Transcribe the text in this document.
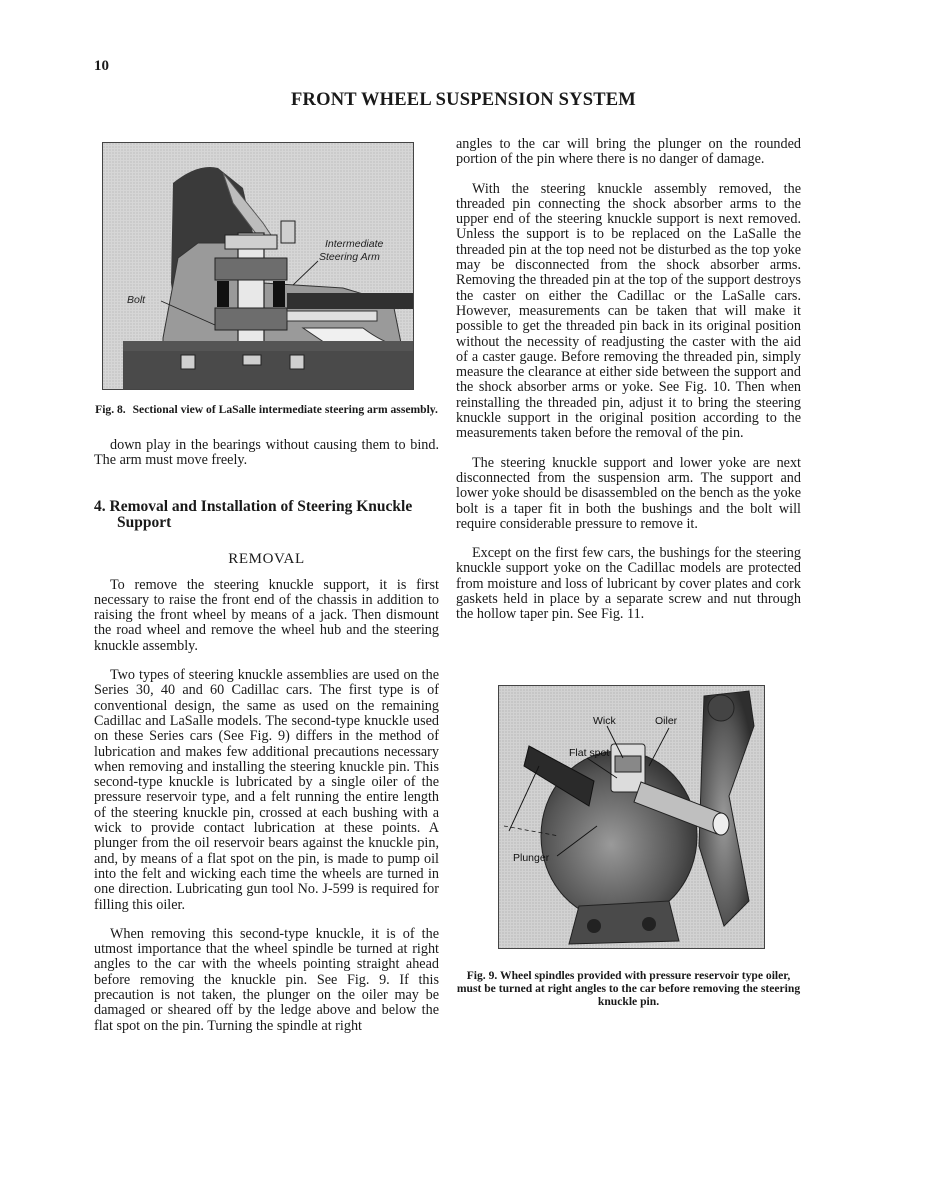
10
FRONT WHEEL SUSPENSION SYSTEM
Intermediate
Steering Arm
Bolt

Fig. 8. Sectional view of LaSalle intermediate steering arm assembly.

down play in the bearings without causing them to bind. The arm must move freely.

4. Removal and Installation of Steering Knuckle Support
REMOVAL

To remove the steering knuckle support, it is first necessary to raise the front end of the chassis in addition to raising the front wheel by means of a jack. Then dismount the road wheel and remove the wheel hub and the steering knuckle assembly.

Two types of steering knuckle assemblies are used on the Series 30, 40 and 60 Cadillac cars. The first type is of conventional design, the same as used on the remaining Cadillac and LaSalle models. The second-type knuckle used on these Series cars (See Fig. 9) differs in the method of lubrication and makes few additional precautions necessary when removing and installing the steering knuckle pin. This second-type knuckle is lubricated by a single oiler of the pressure reservoir type, and a felt running the entire length of the steering knuckle pin, crossed at each bushing with a wick to provide contact lubrication at these points. A plunger from the oil reservoir bears against the knuckle pin, and, by means of a flat spot on the pin, is made to pump oil into the felt and wicking each time the wheels are turned in one direction. Lubricating gun tool No. J-599 is required for filling this oiler.

When removing this second-type knuckle, it is of the utmost importance that the wheel spindle be turned at right angles to the car with the wheels pointing straight ahead before removing the knuckle pin. See Fig. 9. If this precaution is not taken, the plunger on the oiler may be damaged or sheared off by the ledge above and below the flat spot on the pin. Turning the spindle at right

angles to the car will bring the plunger on the rounded portion of the pin where there is no danger of damage.

With the steering knuckle assembly removed, the threaded pin connecting the shock absorber arms to the upper end of the steering knuckle support is next removed. Unless the support is to be replaced on the LaSalle the threaded pin at the top need not be disturbed as the top yoke may be disconnected from the shock absorber arms. Removing the threaded pin at the top of the support destroys the caster on either the Cadillac or the LaSalle cars. However, measurements can be taken that will make it possible to get the threaded pin back in its original position without the necessity of readjusting the caster with the aid of a caster gauge. Before removing the threaded pin, simply measure the clearance at either side between the support and the shock absorber arms or yoke. See Fig. 10. Then when reinstalling the threaded pin, adjust it to bring the steering knuckle support in the original position according to the measurements taken before the removal of the pin.

The steering knuckle support and lower yoke are next disconnected from the suspension arm. The support and lower yoke should be disassembled on the bench as the yoke bolt is a taper fit in both the bushings and the bolt will require considerable pressure to remove it.

Except on the first few cars, the bushings for the steering knuckle support yoke on the Cadillac models are protected from moisture and loss of lubricant by cover plates and cork gaskets held in place by a separate screw and nut through the hollow taper pin. See Fig. 11.

Wick	Oiler
Flat spot
Plunger

Fig. 9. Wheel spindles provided with pressure reservoir type oiler, must be turned at right angles to the car before removing the steering knuckle pin.
